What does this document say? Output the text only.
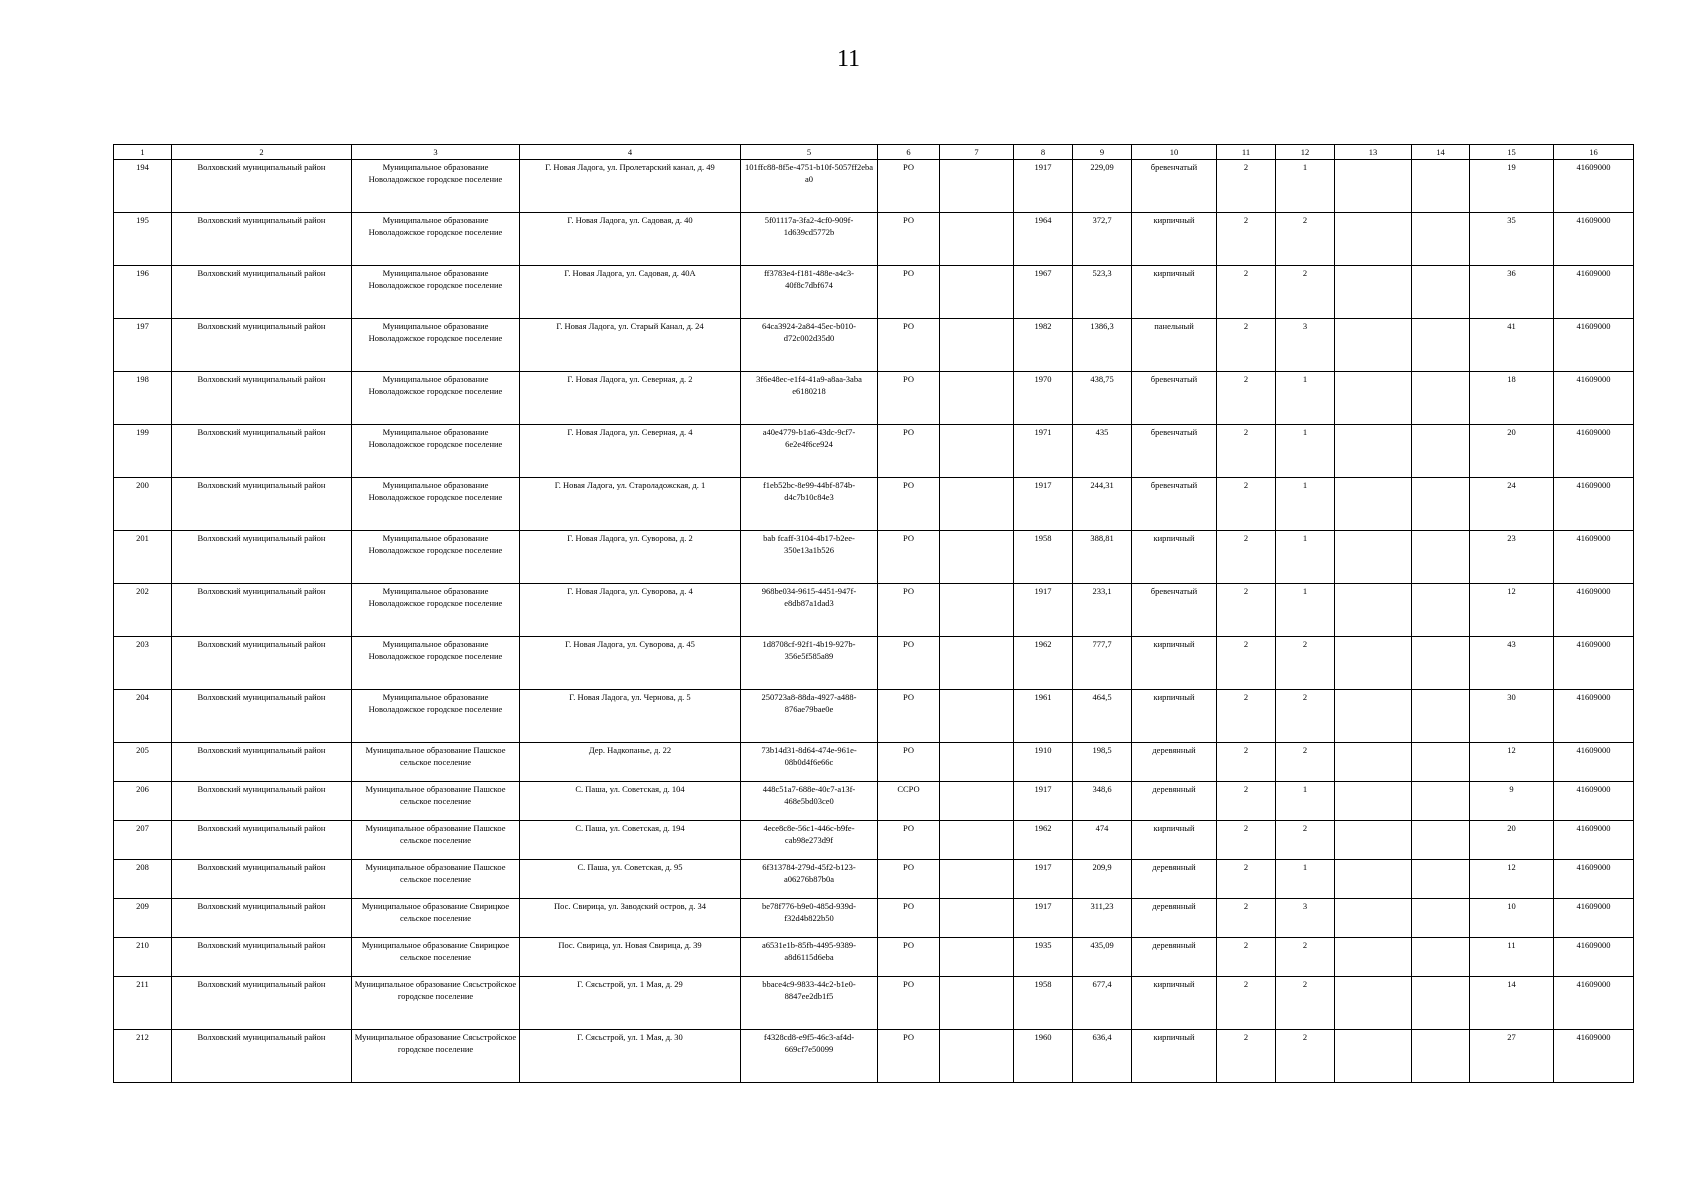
11
1	2	3	4	5	6	7	8	9	10	11	12	13	14	15	16
194	Волховский муниципальный район	Муниципальное образование Новоладожское городское поселение	Г. Новая Ладога, ул. Пролетарский канал, д. 49	101ffc88-8f5e-4751-b10f-5057ff2eba a0	РО		1917	229,09	бревенчатый	2	1			19	41609000
195	Волховский муниципальный район	Муниципальное образование Новоладожское городское поселение	Г. Новая Ладога, ул. Садовая, д. 40	5f01117a-3fa2-4cf0-909f-1d639cd5772b	РО		1964	372,7	кирпичный	2	2			35	41609000
196	Волховский муниципальный район	Муниципальное образование Новоладожское городское поселение	Г. Новая Ладога, ул. Садовая, д. 40А	ff3783e4-f181-488e-a4c3-40f8c7dbf674	РО		1967	523,3	кирпичный	2	2			36	41609000
197	Волховский муниципальный район	Муниципальное образование Новоладожское городское поселение	Г. Новая Ладога, ул. Старый Канал, д. 24	64ca3924-2a84-45ec-b010-d72c002d35d0	РО		1982	1386,3	панельный	2	3			41	41609000
198	Волховский муниципальный район	Муниципальное образование Новоладожское городское поселение	Г. Новая Ладога, ул. Северная, д. 2	3f6e48ec-e1f4-41a9-a8aa-3aba e6180218	РО		1970	438,75	бревенчатый	2	1			18	41609000
199	Волховский муниципальный район	Муниципальное образование Новоладожское городское поселение	Г. Новая Ладога, ул. Северная, д. 4	a40e4779-b1a6-43dc-9cf7-6e2e4f6ce924	РО		1971	435	бревенчатый	2	1			20	41609000
200	Волховский муниципальный район	Муниципальное образование Новоладожское городское поселение	Г. Новая Ладога, ул. Староладожская, д. 1	f1eb52bc-8e99-44bf-874b-d4c7b10c84e3	РО		1917	244,31	бревенчатый	2	1			24	41609000
201	Волховский муниципальный район	Муниципальное образование Новоладожское городское поселение	Г. Новая Ладога, ул. Суворова, д. 2	bab fcaff-3104-4b17-b2ee-350e13a1b526	РО		1958	388,81	кирпичный	2	1			23	41609000
202	Волховский муниципальный район	Муниципальное образование Новоладожское городское поселение	Г. Новая Ладога, ул. Суворова, д. 4	968be034-9615-4451-947f-e8db87a1dad3	РО		1917	233,1	бревенчатый	2	1			12	41609000
203	Волховский муниципальный район	Муниципальное образование Новоладожское городское поселение	Г. Новая Ладога, ул. Суворова, д. 45	1d8708cf-92f1-4b19-927b-356e5f585a89	РО		1962	777,7	кирпичный	2	2			43	41609000
204	Волховский муниципальный район	Муниципальное образование Новоладожское городское поселение	Г. Новая Ладога, ул. Чернова, д. 5	250723a8-88da-4927-a488-876ae79bae0e	РО		1961	464,5	кирпичный	2	2			30	41609000
205	Волховский муниципальный район	Муниципальное образование Пашское сельское поселение	Дер. Надкопанье, д. 22	73b14d31-8d64-474e-961e-08b0d4f6e66c	РО		1910	198,5	деревянный	2	2			12	41609000
206	Волховский муниципальный район	Муниципальное образование Пашское сельское поселение	С. Паша, ул. Советская, д. 104	448c51a7-688e-40c7-a13f-468e5bd03ce0	ССРО		1917	348,6	деревянный	2	1			9	41609000
207	Волховский муниципальный район	Муниципальное образование Пашское сельское поселение	С. Паша, ул. Советская, д. 194	4ece8c8e-56c1-446c-b9fe-cab98e273d9f	РО		1962	474	кирпичный	2	2			20	41609000
208	Волховский муниципальный район	Муниципальное образование Пашское сельское поселение	С. Паша, ул. Советская, д. 95	6f313784-279d-45f2-b123-a06276b87b0a	РО		1917	209,9	деревянный	2	1			12	41609000
209	Волховский муниципальный район	Муниципальное образование Свирицкое сельское поселение	Пос. Свирица, ул. Заводский остров, д. 34	be78f776-b9e0-485d-939d-f32d4b822b50	РО		1917	311,23	деревянный	2	3			10	41609000
210	Волховский муниципальный район	Муниципальное образование Свирицкое сельское поселение	Пос. Свирица, ул. Новая Свирица, д. 39	a6531e1b-85fb-4495-9389-a8d6115d6eba	РО		1935	435,09	деревянный	2	2			11	41609000
211	Волховский муниципальный район	Муниципальное образование Сясьстройское городское поселение	Г. Сясьстрой, ул. 1 Мая, д. 29	bbace4c9-9833-44c2-b1e0-8847ee2db1f5	РО		1958	677,4	кирпичный	2	2			14	41609000
212	Волховский муниципальный район	Муниципальное образование Сясьстройское городское поселение	Г. Сясьстрой, ул. 1 Мая, д. 30	f4328cd8-e9f5-46c3-af4d-669cf7e50099	РО		1960	636,4	кирпичный	2	2			27	41609000
